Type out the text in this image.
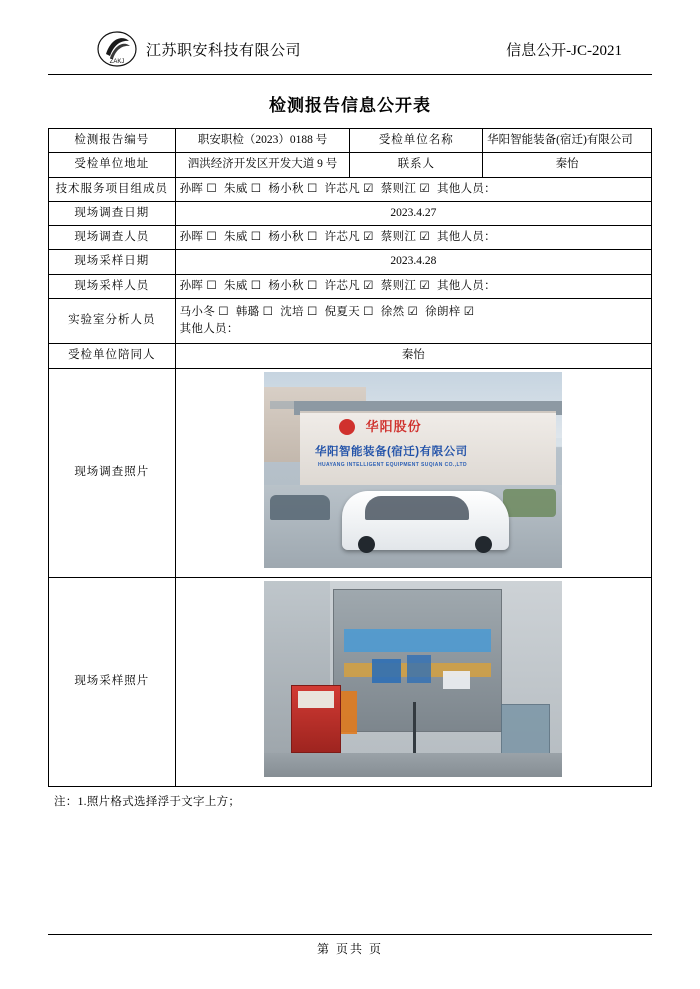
ZAKJ
江苏职安科技有限公司	信息公开-JC-2021
检测报告信息公开表
检测报告编号	职安职检（2023）0188 号	受检单位名称	华阳智能装备(宿迁)有限公司
受检单位地址	泗洪经济开发区开发大道 9 号	联系人	秦怡
技术服务项目组成员	孙晖 ☐ 朱威 ☐ 杨小秋 ☐ 许芯凡 ☑ 蔡则江 ☑ 其他人员：		

现场调查日期	2023.4.27		
现场调查人员	孙晖 ☐ 朱威 ☐ 杨小秋 ☐ 许芯凡 ☑ 蔡则江 ☑ 其他人员：		

现场采样日期	2023.4.28		
现场采样人员	孙晖 ☐ 朱威 ☐ 杨小秋 ☐ 许芯凡 ☑ 蔡则江 ☑ 其他人员：		

实验室分析人员	马小冬 ☐ 韩璐 ☐ 沈培 ☐ 倪夏天 ☐ 徐然 ☑ 徐朗梓 ☑
其他人员：		

受检单位陪同人	秦怡		
现场调查照片	华阳股份
华阳智能装备(宿迁)有限公司
HUAYANG INTELLIGENT EQUIPMENT SUQIAN CO.,LTD		

现场采样照片			
注：1.照片格式选择浮于文字上方；
第 页共 页
